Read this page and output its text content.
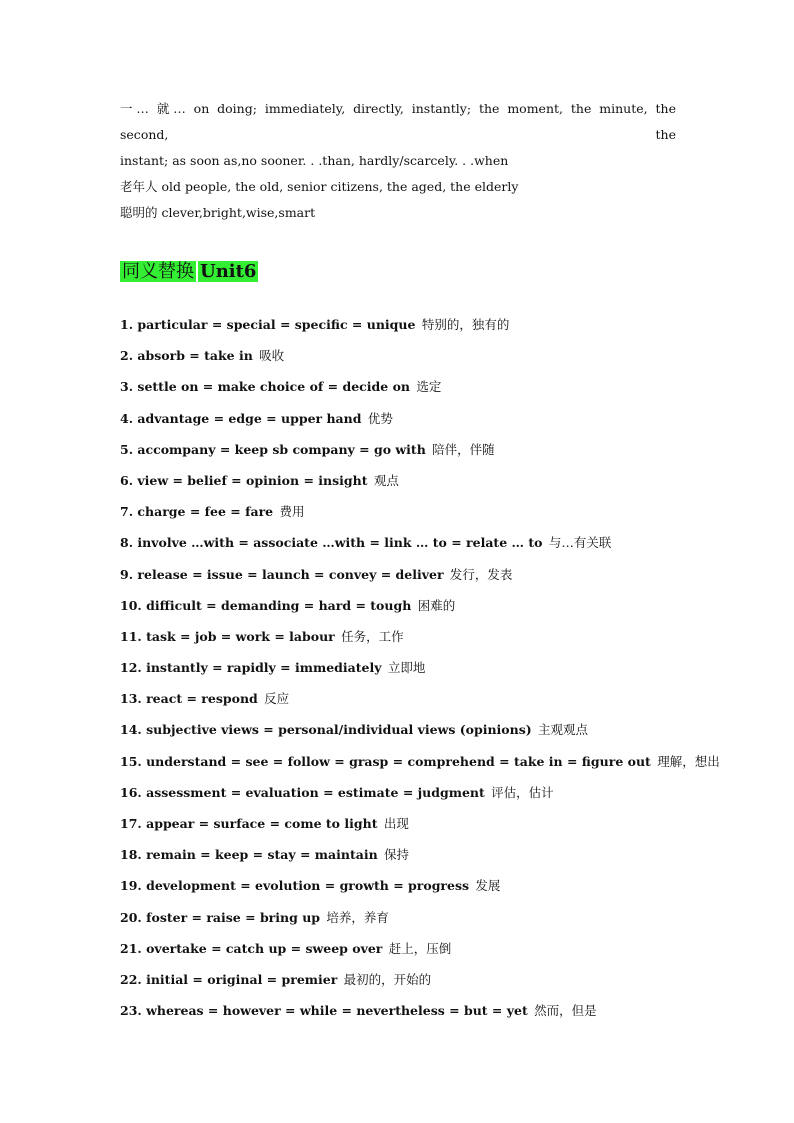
一… 就… on doing; immediately, directly, instantly; the moment, the minute, the second, the

instant; as soon as,no sooner. . .than, hardly/scarcely. . .when

老年人 old people, the old, senior citizens, the aged, the elderly

聪明的 clever,bright,wise,smart

同义替换 Unit6
1. particular = special = specific = unique 特别的，独有的
2. absorb = take in 吸收
3. settle on = make choice of = decide on 选定
4. advantage = edge = upper hand 优势
5. accompany = keep sb company = go with 陪伴，伴随
6. view = belief = opinion = insight 观点
7. charge = fee = fare 费用
8. involve …with = associate …with = link … to = relate … to 与…有关联
9. release = issue = launch = convey = deliver 发行，发表
10. difficult = demanding = hard = tough 困难的
11. task = job = work = labour 任务，工作
12. instantly = rapidly = immediately 立即地
13. react = respond 反应
14. subjective views = personal/individual views (opinions) 主观观点
15. understand = see = follow = grasp = comprehend = take in = figure out 理解，想出
16. assessment = evaluation = estimate = judgment 评估，估计
17. appear = surface = come to light 出现
18. remain = keep = stay = maintain 保持
19. development = evolution = growth = progress 发展
20. foster = raise = bring up 培养，养育
21. overtake = catch up = sweep over 赶上，压倒
22. initial = original = premier 最初的，开始的
23. whereas = however = while = nevertheless = but = yet 然而，但是
